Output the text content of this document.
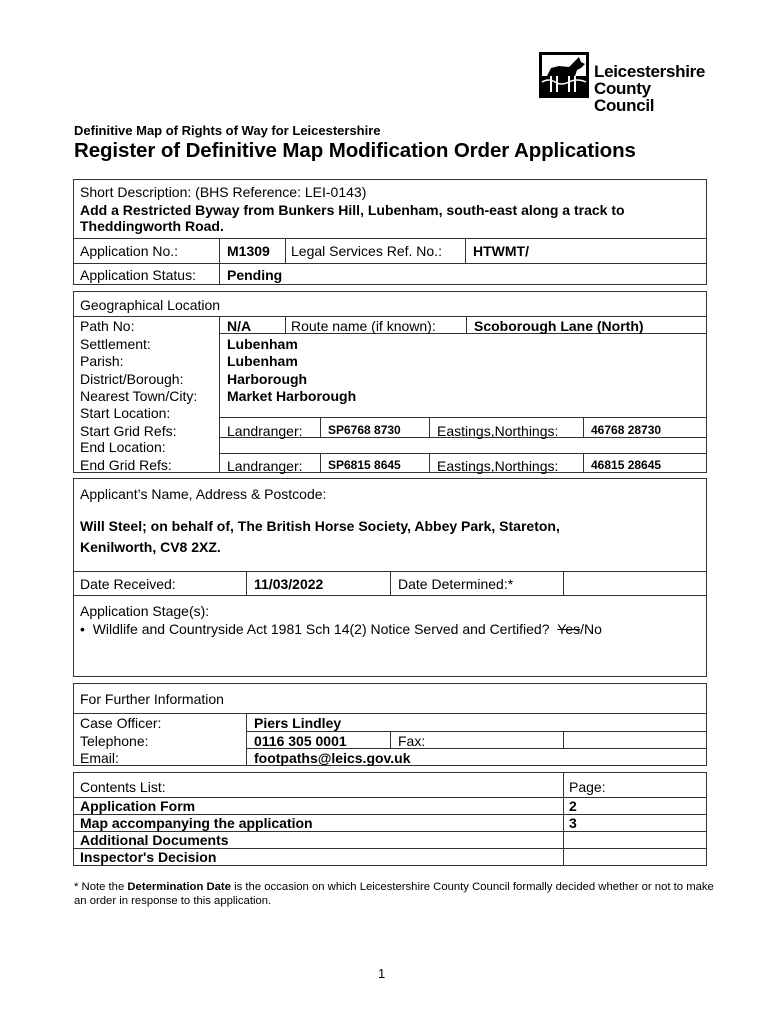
Leicestershire
County Council
Definitive Map of Rights of Way for Leicestershire
Register of Definitive Map Modification Order Applications
Short Description: (BHS Reference: LEI-0143)
Add a Restricted Byway from Bunkers Hill, Lubenham, south-east along a track to
Theddingworth Road.
Application No.:	M1309 Legal Services Ref. No.: HTWMT/
Application Status: Pending
Geographical Location
Path No:	N/A	Route name (if known):	Scoborough Lane (North)
Settlement:	Lubenham
Parish:	Lubenham
District/Borough:	Harborough
Nearest Town/City: Market Harborough
Start Location:
Start Grid Refs:	Landranger: SP6768 8730	Eastings,Northings:	46768 28730
End Location:
End Grid Refs:	Landranger: SP6815 8645	Eastings,Northings:	46815 28645
Applicant’s Name, Address & Postcode:
Will Steel; on behalf of, The British Horse Society, Abbey Park, Stareton,
Kenilworth, CV8 2XZ.
Date Received:	11/03/2022	Date Determined:*
Application Stage(s):
• Wildlife and Countryside Act 1981 Sch 14(2) Notice Served and Certified? Yes/No
For Further Information
Case Officer:	Piers Lindley
Telephone:	0116 305 0001	Fax:
Email:	footpaths@leics.gov.uk
Contents List:	Page:
Application Form	2
Map accompanying the application	3
Additional Documents
Inspector's Decision
* Note the Determination Date is the occasion on which Leicestershire County Council formally decided whether or not to make an order in response to this application.
1
